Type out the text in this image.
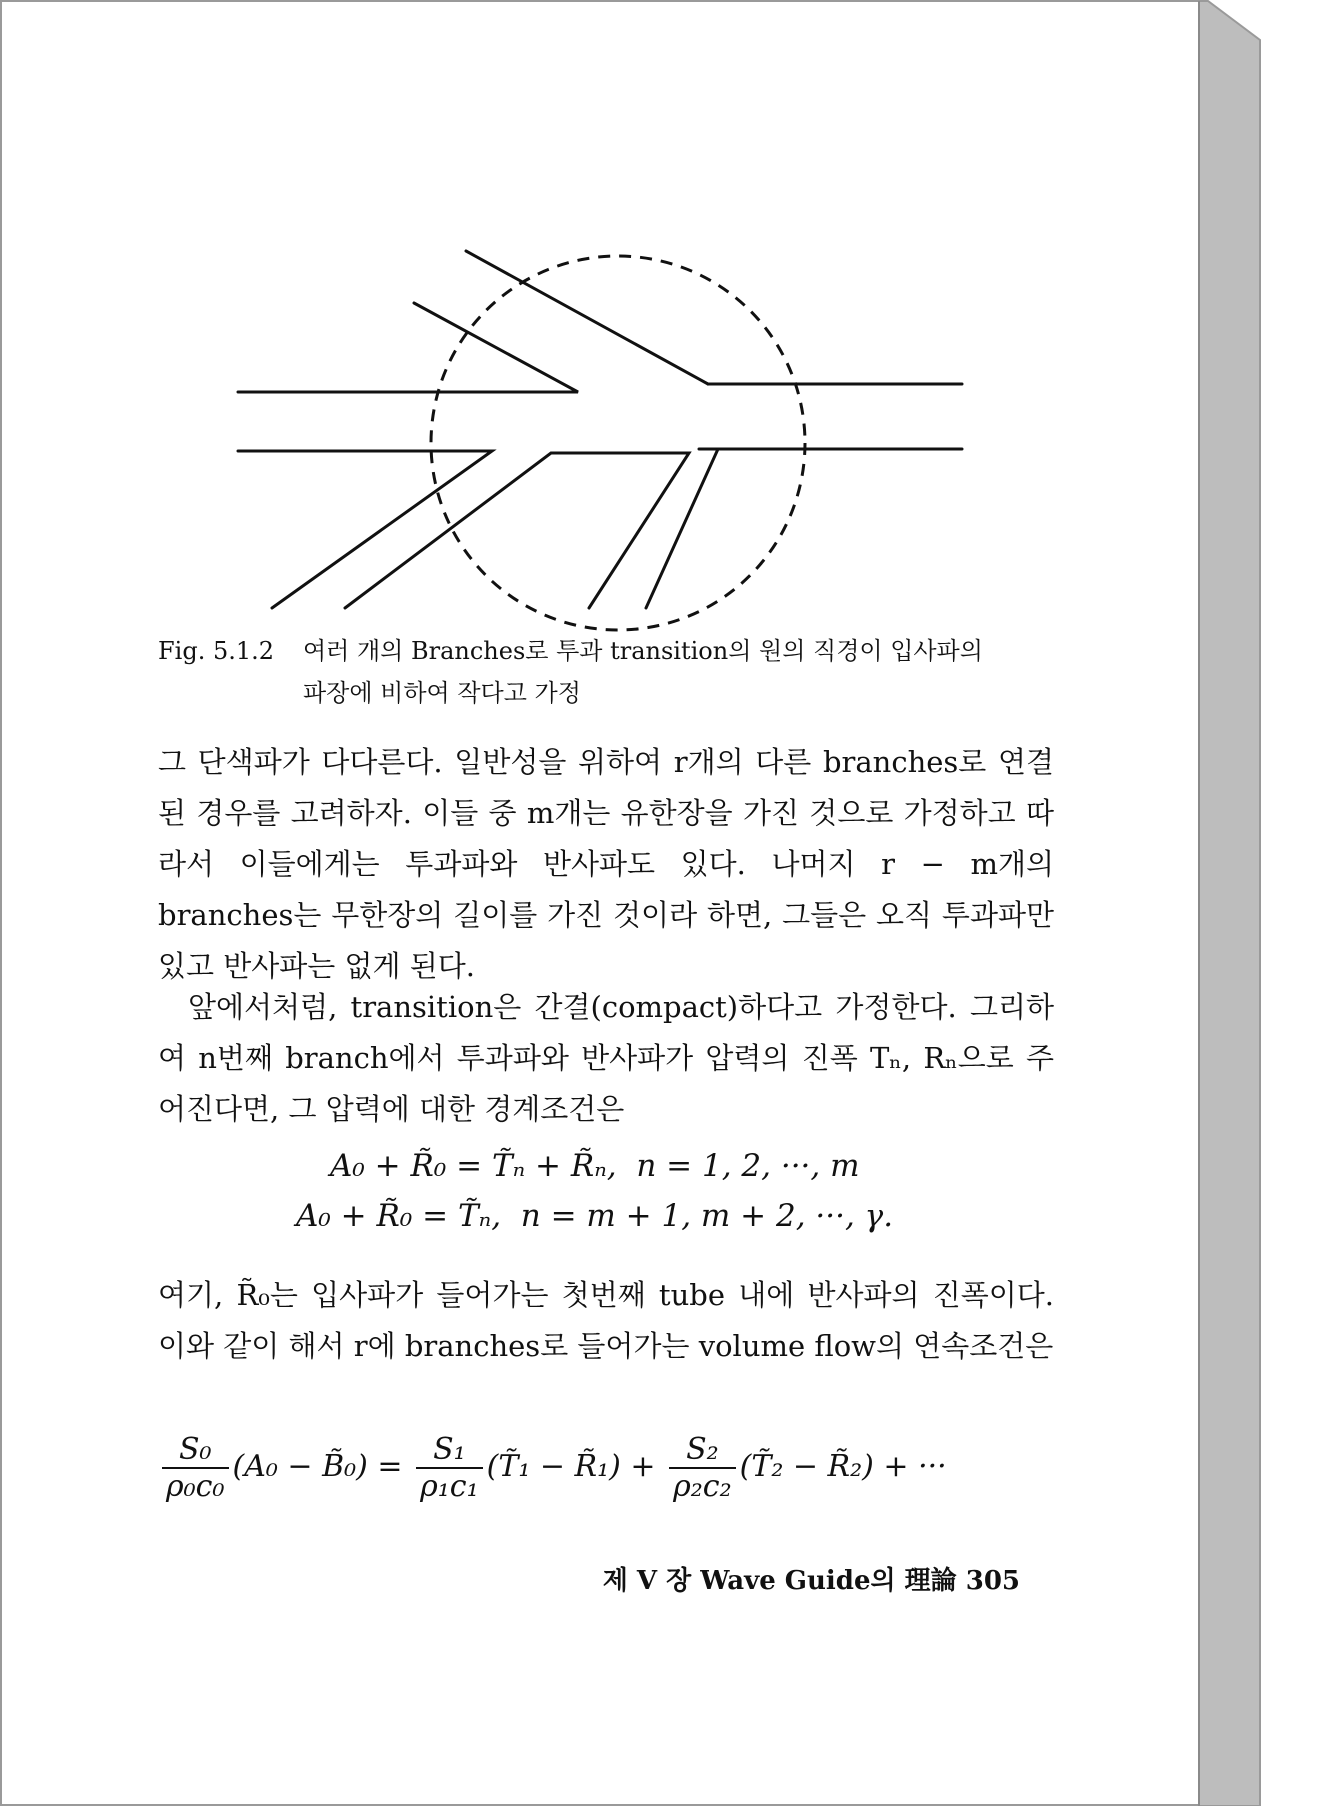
Fig. 5.1.2 여러 개의 Branches로 투과 transition의 원의 직경이 입사파의
파장에 비하여 작다고 가정
그 단색파가 다다른다. 일반성을 위하여 r개의 다른 branches로 연결된 경우를 고려하자. 이들 중 m개는 유한장을 가진 것으로 가정하고 따라서 이들에게는 투과파와 반사파도 있다. 나머지 r − m개의 branches는 무한장의 길이를 가진 것이라 하면, 그들은 오직 투과파만 있고 반사파는 없게 된다.
앞에서처럼, transition은 간결(compact)하다고 가정한다. 그리하여 n번째 branch에서 투과파와 반사파가 압력의 진폭 Tₙ, Rₙ으로 주어진다면, 그 압력에 대한 경계조건은
A₀ + R̃₀ = T̃ₙ + R̃ₙ,  n = 1, 2, ···, m
A₀ + R̃₀ = T̃ₙ,  n = m + 1, m + 2, ···, γ.
여기, R̃₀는 입사파가 들어가는 첫번째 tube 내에 반사파의 진폭이다. 이와 같이 해서 r에 branches로 들어가는 volume flow의 연속조건은
$\frac{\text{S₀}}{\text{ρ₀c₀}} (A_0$ − B̃₀) = $\frac{\text{S₁}}{\text{ρ₁c₁}}$ (T̃₁ − R̃₁) + $\frac{\text{S₂}}{\text{ρ₂c₂}}$ (T̃₂ − R̃₂) + ···
제 V 장 Wave Guide의 理論 305
